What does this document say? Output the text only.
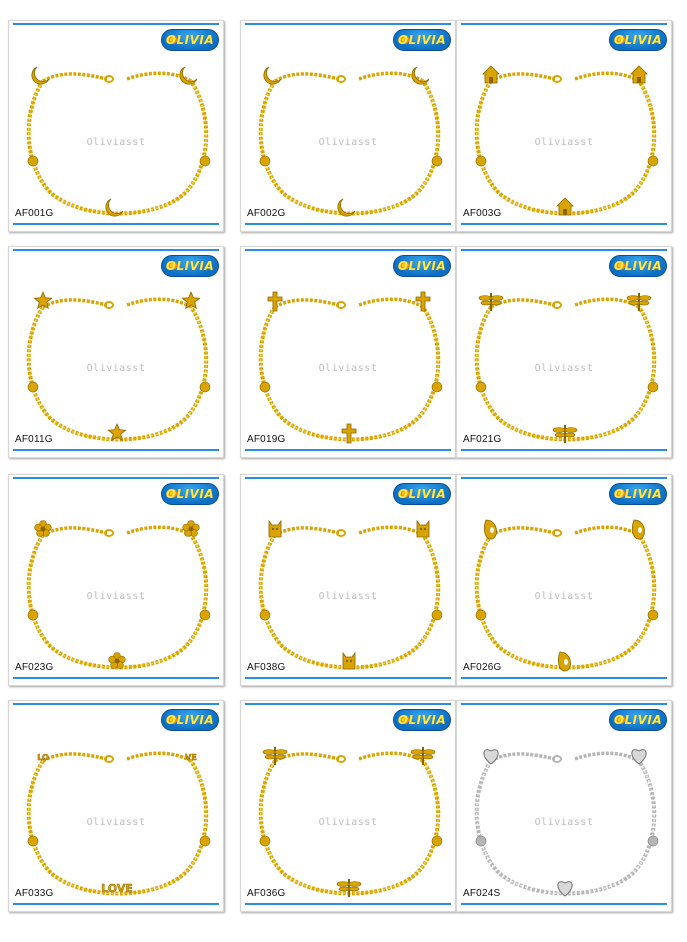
OLIVIA
Oliviasst
AF001G
OLIVIA
Oliviasst
AF002G
OLIVIA
Oliviasst
AF003G
OLIVIA
Oliviasst
AF011G
OLIVIA
Oliviasst
AF019G
OLIVIA
Oliviasst
AF021G
OLIVIA
Oliviasst
AF023G
OLIVIA
Oliviasst
AF038G
OLIVIA
Oliviasst
AF026G
OLIVIA
LO	VE
LOVE
Oliviasst
AF033G
OLIVIA
Oliviasst
AF036G
OLIVIA
Oliviasst
AF024S
